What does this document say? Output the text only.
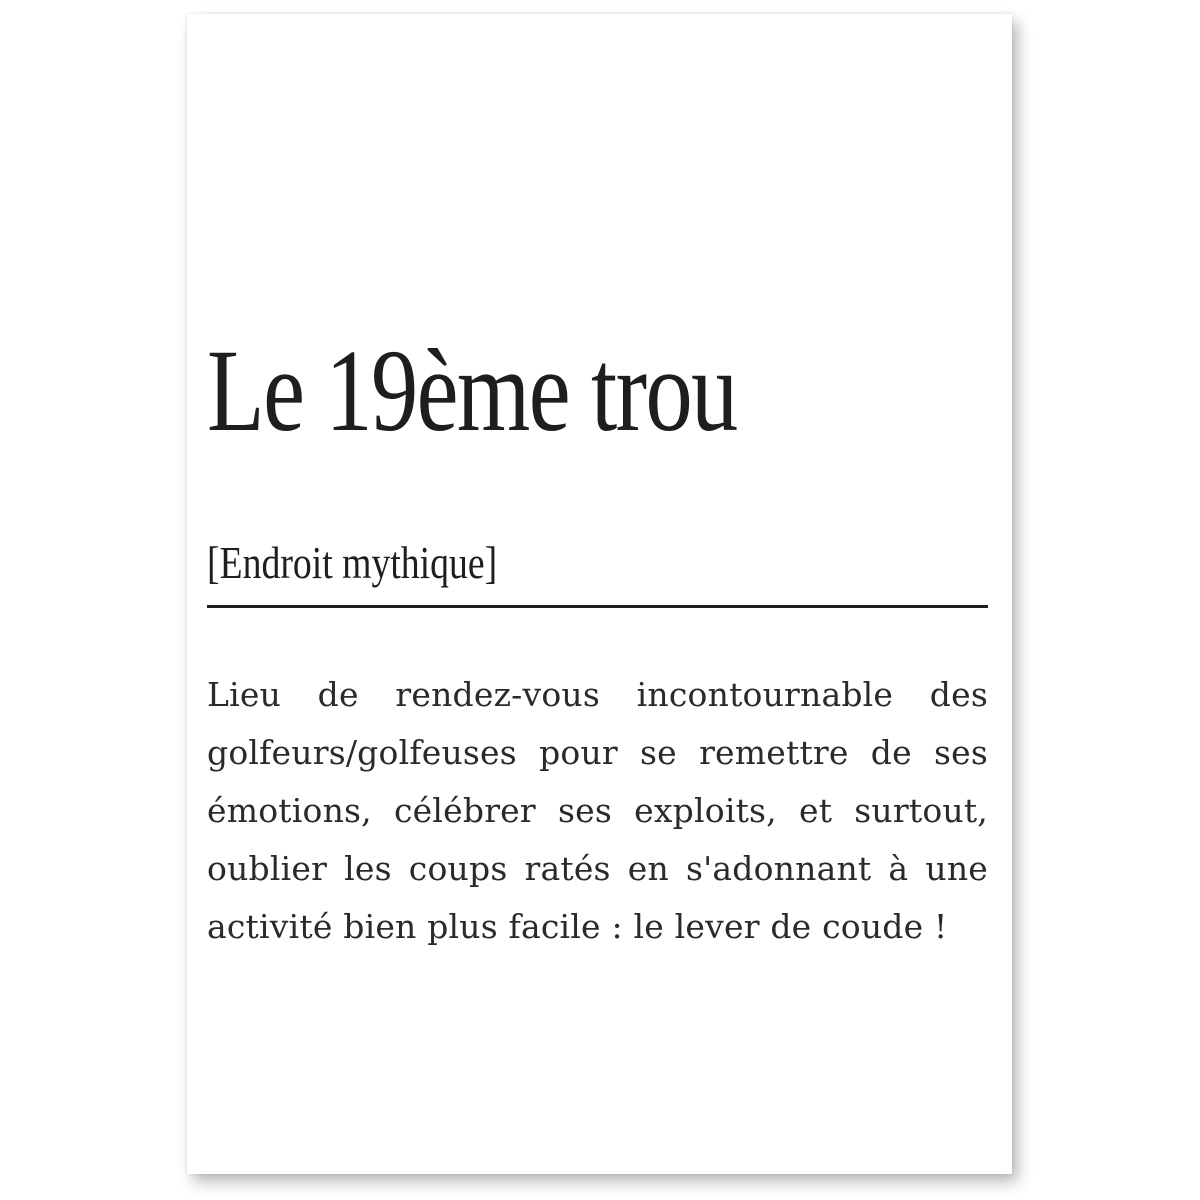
Le 19ème trou
[Endroit mythique]

Lieu de rendez-vous incontournable des golfeurs/golfeuses pour se remettre de ses émotions, célébrer ses exploits, et surtout, oublier les coups ratés en s'adonnant à une activité bien plus facile : le lever de coude !
